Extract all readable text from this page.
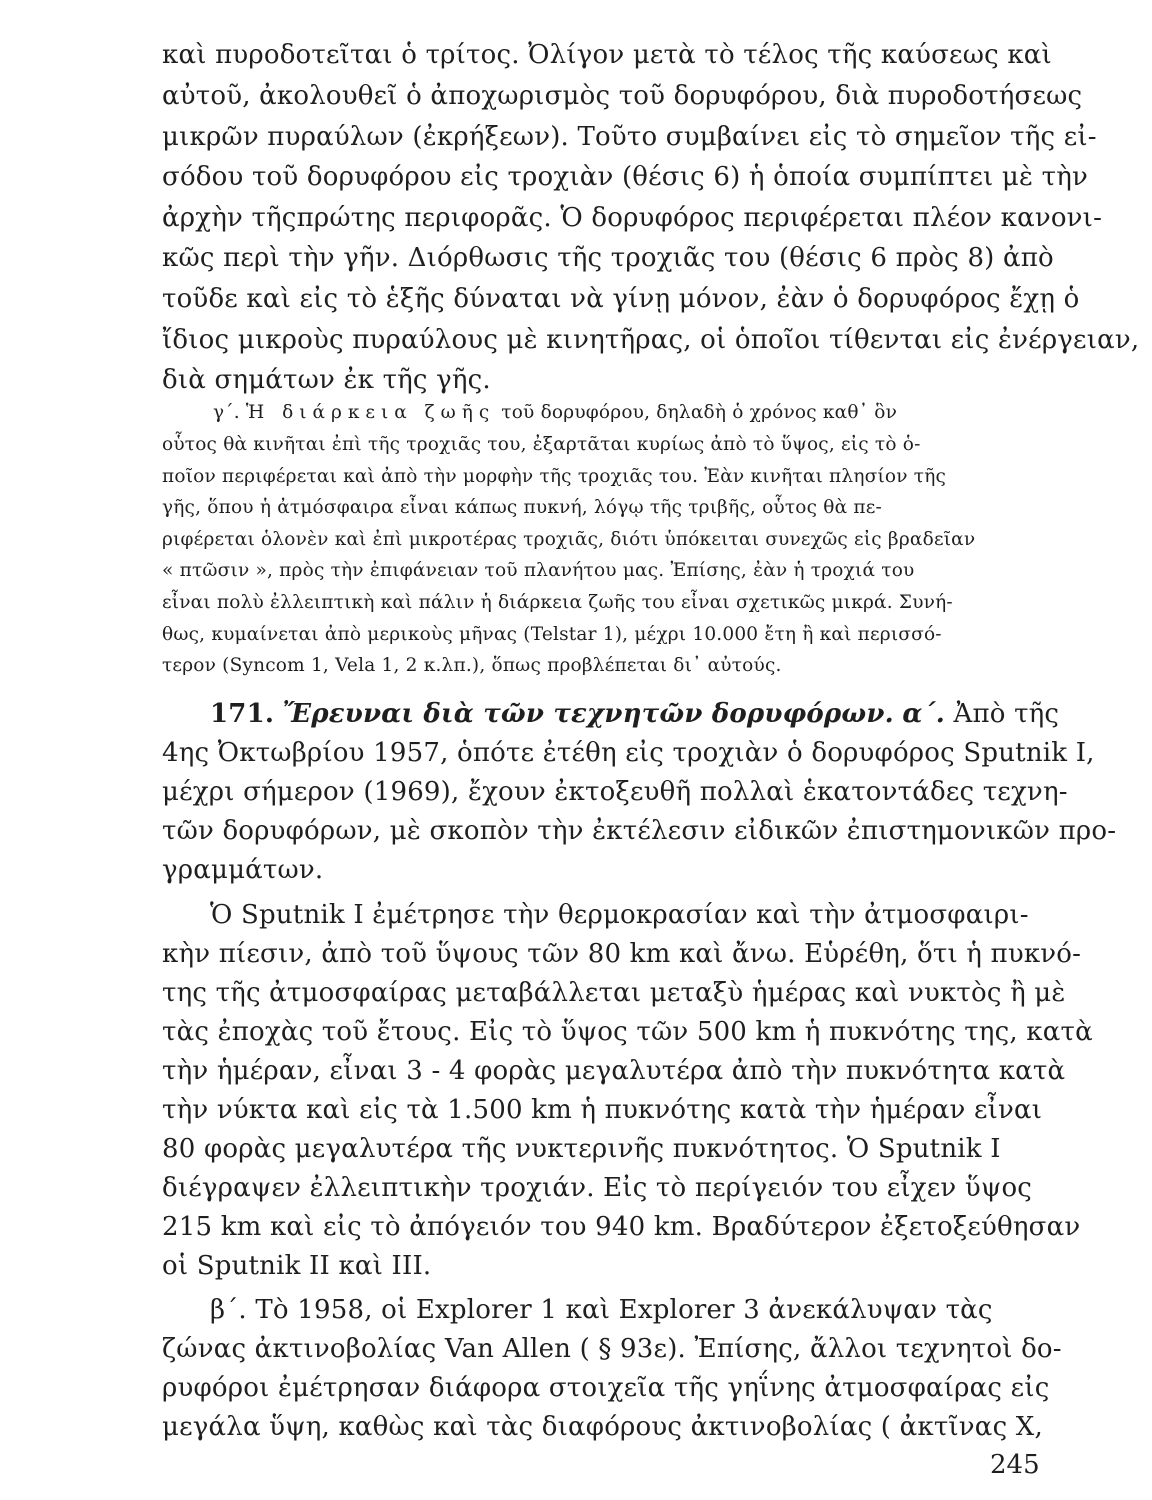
καὶ πυροδοτεῖται ὁ τρίτος. Ὀλίγον μετὰ τὸ τέλος τῆς καύσεως καὶ
αὐτοῦ, ἀκολουθεῖ ὁ ἀποχωρισμὸς τοῦ δορυφόρου, διὰ πυροδοτήσεως
μικρῶν πυραύλων (ἐκρήξεων). Τοῦτο συμβαίνει εἰς τὸ σημεῖον τῆς εἰ-
σόδου τοῦ δορυφόρου εἰς τροχιὰν (θέσις 6) ἡ ὁποία συμπίπτει μὲ τὴν
ἀρχὴν τῆςπρώτης περιφορᾶς. Ὁ δορυφόρος περιφέρεται πλέον κανονι-
κῶς περὶ τὴν γῆν. Διόρθωσις τῆς τροχιᾶς του (θέσις 6 πρὸς 8) ἀπὸ
τοῦδε καὶ εἰς τὸ ἑξῆς δύναται νὰ γίνῃ μόνον, ἐὰν ὁ δορυφόρος ἔχῃ ὁ
ἴδιος μικροὺς πυραύλους μὲ κινητῆρας, οἱ ὁποῖοι τίθενται εἰς ἐνέργειαν,
διὰ σημάτων ἐκ τῆς γῆς.
γ΄. Ἡ διάρκεια ζωῆς τοῦ δορυφόρου, δηλαδὴ ὁ χρόνος καθ᾽ ὃν
οὗτος θὰ κινῆται ἐπὶ τῆς τροχιᾶς του, ἐξαρτᾶται κυρίως ἀπὸ τὸ ὕψος, εἰς τὸ ὁ-
ποῖον περιφέρεται καὶ ἀπὸ τὴν μορφὴν τῆς τροχιᾶς του. Ἐὰν κινῆται πλησίον τῆς
γῆς, ὅπου ἡ ἀτμόσφαιρα εἶναι κάπως πυκνή, λόγῳ τῆς τριβῆς, οὗτος θὰ πε-
ριφέρεται ὁλονὲν καὶ ἐπὶ μικροτέρας τροχιᾶς, διότι ὑπόκειται συνεχῶς εἰς βραδεῖαν
« πτῶσιν », πρὸς τὴν ἐπιφάνειαν τοῦ πλανήτου μας. Ἐπίσης, ἐὰν ἡ τροχιά του
εἶναι πολὺ ἐλλειπτικὴ καὶ πάλιν ἡ διάρκεια ζωῆς του εἶναι σχετικῶς μικρά. Συνή-
θως, κυμαίνεται ἀπὸ μερικοὺς μῆνας (Telstar 1), μέχρι 10.000 ἔτη ἢ καὶ περισσό-
τερον (Syncom 1, Vela 1, 2 κ.λπ.), ὅπως προβλέπεται δι᾽ αὐτούς.
171. Ἔρευναι διὰ τῶν τεχνητῶν δορυφόρων. α΄. Ἀπὸ τῆς
4ης Ὀκτωβρίου 1957, ὁπότε ἐτέθη εἰς τροχιὰν ὁ δορυφόρος Sputnik I,
μέχρι σήμερον (1969), ἔχουν ἐκτοξευθῆ πολλαὶ ἑκατοντάδες τεχνη-
τῶν δορυφόρων, μὲ σκοπὸν τὴν ἐκτέλεσιν εἰδικῶν ἐπιστημονικῶν προ-
γραμμάτων.
Ὁ Sputnik I ἐμέτρησε τὴν θερμοκρασίαν καὶ τὴν ἀτμοσφαιρι-
κὴν πίεσιν, ἀπὸ τοῦ ὕψους τῶν 80 km καὶ ἄνω. Εὑρέθη, ὅτι ἡ πυκνό-
της τῆς ἀτμοσφαίρας μεταβάλλεται μεταξὺ ἡμέρας καὶ νυκτὸς ἢ μὲ
τὰς ἐποχὰς τοῦ ἔτους. Εἰς τὸ ὕψος τῶν 500 km ἡ πυκνότης της, κατὰ
τὴν ἡμέραν, εἶναι 3 - 4 φορὰς μεγαλυτέρα ἀπὸ τὴν πυκνότητα κατὰ
τὴν νύκτα καὶ εἰς τὰ 1.500 km ἡ πυκνότης κατὰ τὴν ἡμέραν εἶναι
80 φορὰς μεγαλυτέρα τῆς νυκτερινῆς πυκνότητος. Ὁ Sputnik I
διέγραψεν ἐλλειπτικὴν τροχιάν. Εἰς τὸ περίγειόν του εἶχεν ὕψος
215 km καὶ εἰς τὸ ἀπόγειόν του 940 km. Βραδύτερον ἐξετοξεύθησαν
οἱ Sputnik II καὶ III.
β΄. Τὸ 1958, οἱ Explorer 1 καὶ Explorer 3 ἀνεκάλυψαν τὰς
ζώνας ἀκτινοβολίας Van Allen ( § 93ε). Ἐπίσης, ἄλλοι τεχνητοὶ δο-
ρυφόροι ἐμέτρησαν διάφορα στοιχεῖα τῆς γηΐνης ἀτμοσφαίρας εἰς
μεγάλα ὕψη, καθὼς καὶ τὰς διαφόρους ἀκτινοβολίας ( ἀκτῖνας Χ,
245
